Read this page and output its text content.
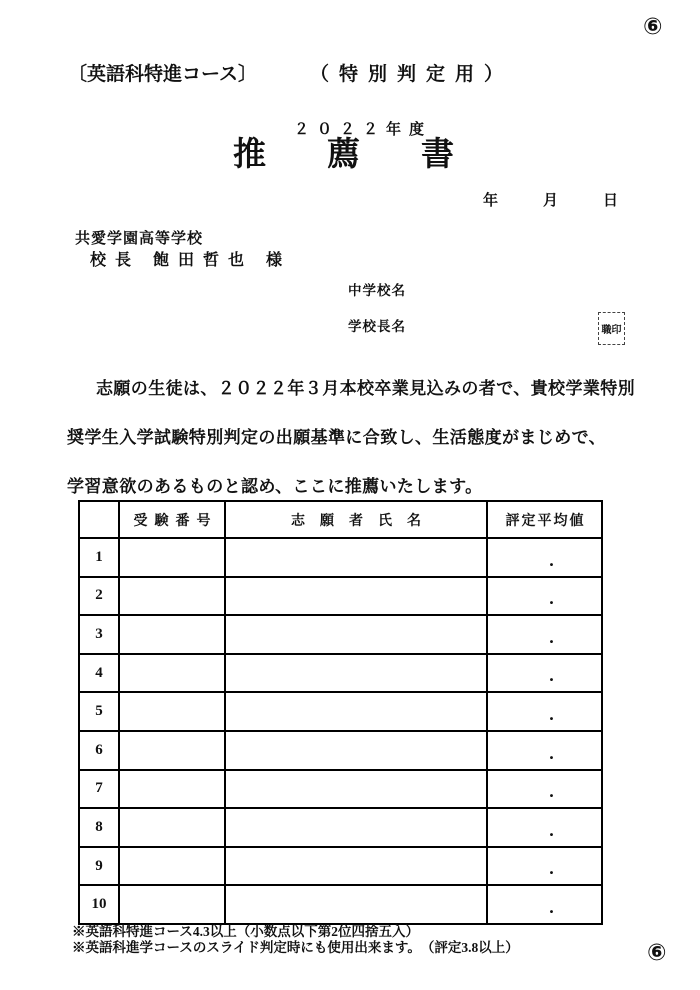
⑥
〔英語科特進コース〕	（特別判定用）
２０２２年度
推薦書
年　　　月　　　日
共愛学園高等学校
校長 飽田哲也 様
中学校名
学校長名	職印
志願の生徒は、２０２２年３月本校卒業見込みの者で、貴校学業特別
奨学生入学試験特別判定の出願基準に合致し、生活態度がまじめで、
学習意欲のあるものと認め、ここに推薦いたします。
	受験番号	志願者氏名	評定平均値
1			.
2			.
3			.
4			.
5			.
6			.
7			.
8			.
9			.
10			.
※英語科特進コース4.3以上（小数点以下第2位四捨五入）
※英語科進学コースのスライド判定時にも使用出来ます。　（評定3.8以上）	⑥
